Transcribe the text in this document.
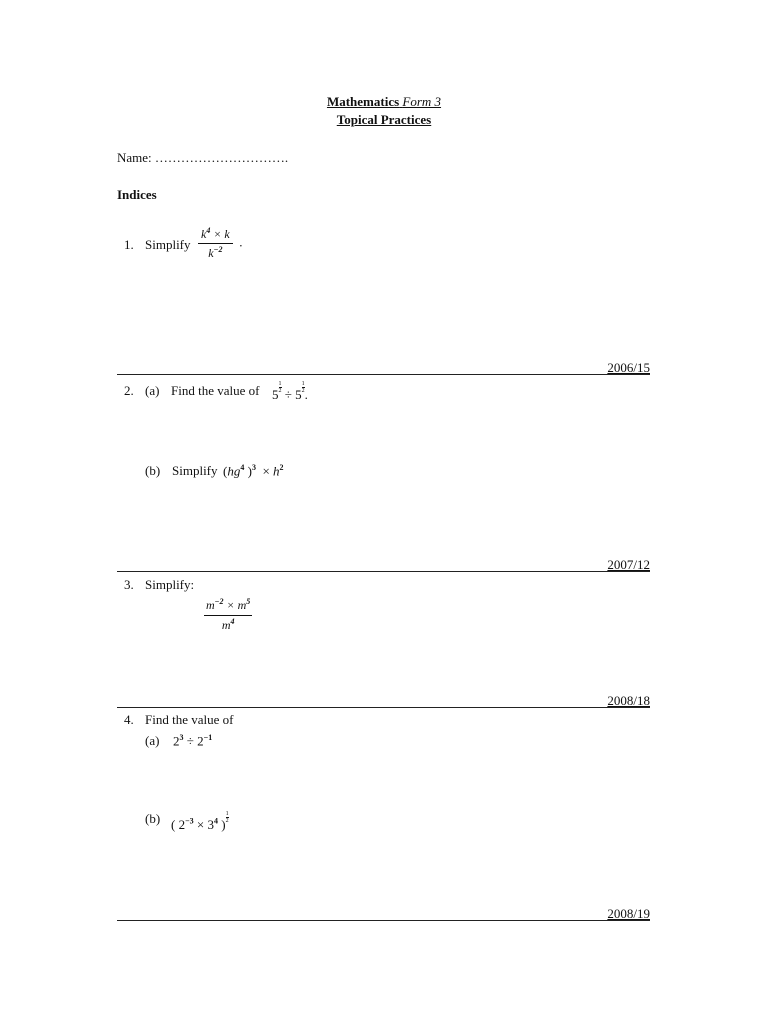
Mathematics Form 3
Topical Practices
Name: ………………………….
Indices
1. Simplify $\frac{k^4 \times k}{k^{-2}}$ .
2006/15
2. (a) Find the value of $5 \frac{1}{2} \div 5 \frac{1}{2}$ .
(b) Simplify ($hg^4$ )$^3 \times h^2$
2007/12
3. Simplify:
$\frac{m^{-2} \times m^5}{m^4}$
2008/18
4. Find the value of
(a) $2^3 \div 2^{-1}$
(b) ( $2^{-3} \times 3^4$ ) $\frac{1}{2}$
2008/19
